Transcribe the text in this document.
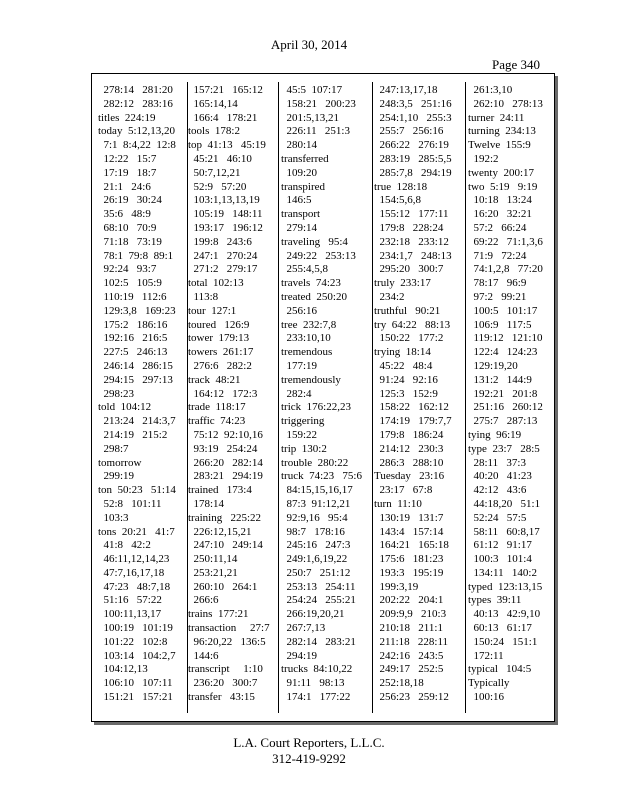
April 30, 2014
Page 340
278:14   281:20
282:12   283:16
titles  224:19
today  5:12,13,20
7:1  8:4,22  12:8
12:22   15:7
17:19   18:7
21:1   24:6
26:19   30:24
35:6   48:9
68:10   70:9
71:18   73:19
78:1  79:8  89:1
92:24   93:7
102:5   105:9
110:19   112:6
129:3,8   169:23
175:2   186:16
192:16   216:5
227:5   246:13
246:14   286:15
294:15   297:13
298:23
told  104:12
213:24   214:3,7
214:19   215:2
298:7
tomorrow
299:19
ton  50:23   51:14
52:8   101:11
103:3
tons  20:21   41:7
41:8   42:2
46:11,12,14,23
47:7,16,17,18
47:23   48:7,18
51:16   57:22
100:11,13,17
100:19   101:19
101:22   102:8
103:14   104:2,7
104:12,13
106:10   107:11
151:21   157:21
157:21   165:12
165:14,14
166:4   178:21
tools  178:2
top  41:13   45:19
45:21   46:10
50:7,12,21
52:9   57:20
103:1,13,13,19
105:19   148:11
193:17   196:12
199:8   243:6
247:1   270:24
271:2   279:17
total  102:13
113:8
tour  127:1
toured   126:9
tower  179:13
towers  261:17
276:6   282:2
track  48:21
164:12   172:3
trade  118:17
traffic  74:23
75:12  92:10,16
93:19   254:24
266:20   282:14
283:21   294:19
trained   173:4
178:14
training   225:22
226:12,15,21
247:10   249:14
250:11,14
253:21,21
260:10   264:1
266:6
trains  177:21
transaction     27:7
96:20,22   136:5
144:6
transcript     1:10
236:20   300:7
transfer   43:15
45:5  107:17
158:21   200:23
201:5,13,21
226:11   251:3
280:14
transferred
109:20
transpired
146:5
transport
279:14
traveling   95:4
249:22   253:13
255:4,5,8
travels  74:23
treated  250:20
256:16
tree  232:7,8
233:10,10
tremendous
177:19
tremendously
282:4
trick  176:22,23
triggering
159:22
trip  130:2
trouble  280:22
truck  74:23   75:6
84:15,15,16,17
87:3  91:12,21
92:9,16   95:4
98:7   178:16
245:16   247:3
249:1,6,19,22
250:7   251:12
253:13   254:11
254:24   255:21
266:19,20,21
267:7,13
282:14   283:21
294:19
trucks  84:10,22
91:11   98:13
174:1   177:22
247:13,17,18
248:3,5   251:16
254:1,10   255:3
255:7   256:16
266:22   276:19
283:19   285:5,5
285:7,8   294:19
true  128:18
154:5,6,8
155:12   177:11
179:8   228:24
232:18   233:12
234:1,7   248:13
295:20   300:7
truly  233:17
234:2
truthful   90:21
try  64:22   88:13
150:22   177:2
trying  18:14
45:22   48:4
91:24   92:16
125:3   152:9
158:22   162:12
174:19   179:7,7
179:8   186:24
214:12   230:3
286:3   288:10
Tuesday   23:16
23:17   67:8
turn  11:10
130:19   131:7
143:4   157:14
164:21   165:18
175:6   181:23
193:3   195:19
199:3,19
202:22   204:1
209:9,9   210:3
210:18   211:1
211:18   228:11
242:16   243:5
249:17   252:5
252:18,18
256:23   259:12
261:3,10
262:10   278:13
turner  24:11
turning  234:13
Twelve  155:9
192:2
twenty  200:17
two  5:19   9:19
10:18   13:24
16:20   32:21
57:2   66:24
69:22   71:1,3,6
71:9   72:24
74:1,2,8   77:20
78:17   96:9
97:2   99:21
100:5   101:17
106:9   117:5
119:12   121:10
122:4   124:23
129:19,20
131:2   144:9
192:21   201:8
251:16   260:12
275:7   287:13
tying  96:19
type  23:7   28:5
28:11   37:3
40:20   41:23
42:12   43:6
44:18,20   51:1
52:24   57:5
58:11   60:8,17
61:12   91:17
100:3   101:4
134:11   140:2
typed  123:13,15
types  39:11
40:13   42:9,10
60:13   61:17
150:24   151:1
172:11
typical   104:5
Typically
100:16
L.A. Court Reporters, L.L.C.
312-419-9292
